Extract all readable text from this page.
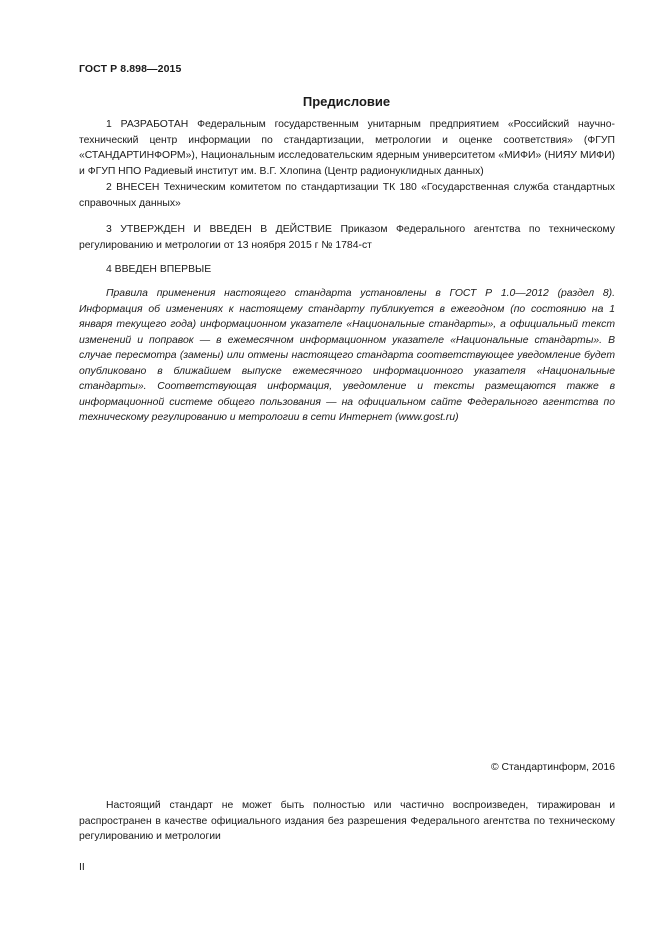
ГОСТ Р 8.898—2015
Предисловие

1 РАЗРАБОТАН Федеральным государственным унитарным предприятием «Российский научно-технический центр информации по стандартизации, метрологии и оценке соответствия» (ФГУП «СТАНДАРТИНФОРМ»), Национальным исследовательским ядерным университетом «МИФИ» (НИЯУ МИФИ) и ФГУП НПО Радиевый институт им. В.Г. Хлопина (Центр радионуклидных данных)

2 ВНЕСЕН Техническим комитетом по стандартизации ТК 180 «Государственная служба стандартных справочных данных»

3 УТВЕРЖДЕН И ВВЕДЕН В ДЕЙСТВИЕ Приказом Федерального агентства по техническому регулированию и метрологии от 13 ноября 2015 г № 1784-ст

4 ВВЕДЕН ВПЕРВЫЕ

Правила применения настоящего стандарта установлены в ГОСТ Р 1.0—2012 (раздел 8). Информация об изменениях к настоящему стандарту публикуется в ежегодном (по состоянию на 1 января текущего года) информационном указателе «Национальные стандарты», а официальный текст изменений и поправок — в ежемесячном информационном указателе «Национальные стандарты». В случае пересмотра (замены) или отмены настоящего стандарта соответствующее уведомление будет опубликовано в ближайшем выпуске ежемесячного информационного указателя «Национальные стандарты». Соответствующая информация, уведомление и тексты размещаются также в информационной системе общего пользования — на официальном сайте Федерального агентства по техническому регулированию и метрологии в сети Интернет (www.gost.ru)

© Стандартинформ, 2016

Настоящий стандарт не может быть полностью или частично воспроизведен, тиражирован и распространен в качестве официального издания без разрешения Федерального агентства по техническому регулированию и метрологии

II
